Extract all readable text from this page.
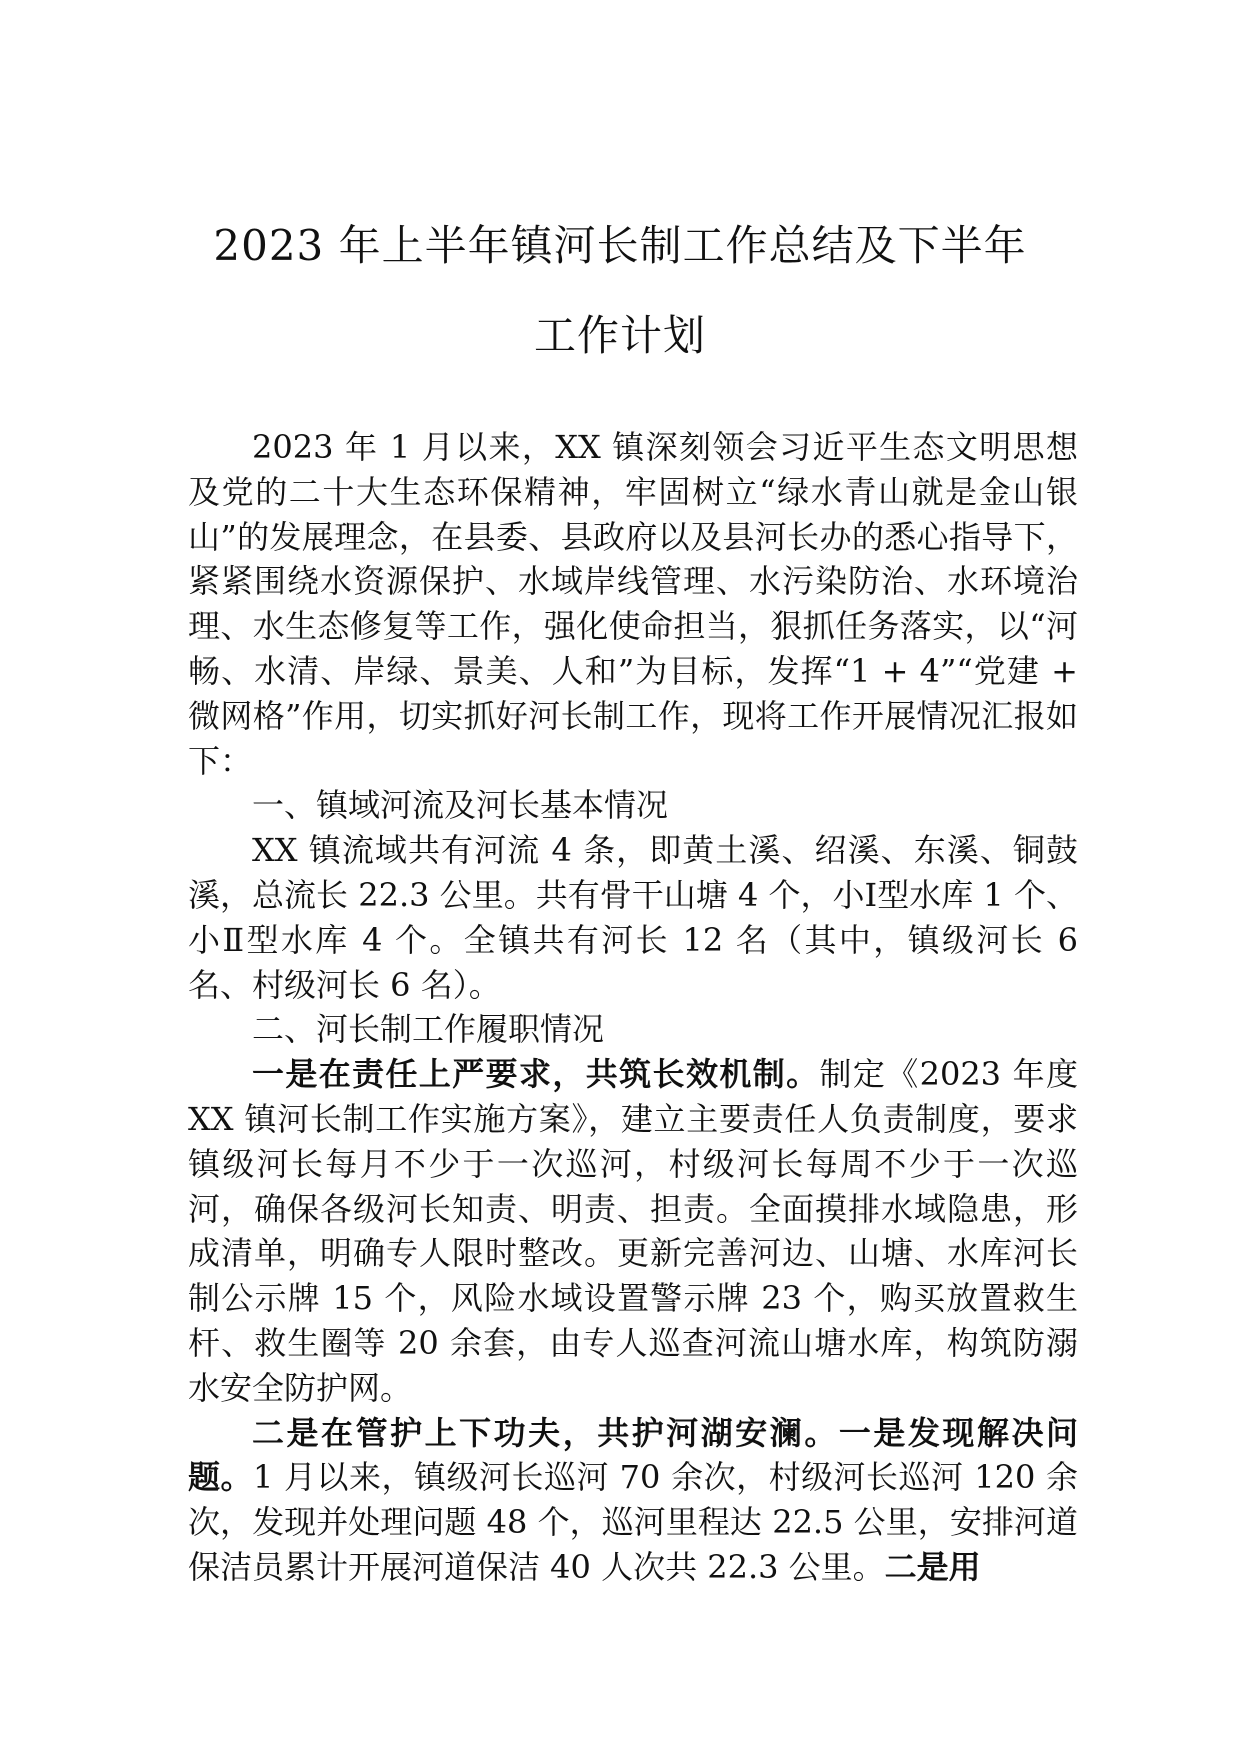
2023 年上半年镇河长制工作总结及下半年
工作计划

2023 年 1 月以来，XX 镇深刻领会习近平生态文明思想及党的二十大生态环保精神，牢固树立“绿水青山就是金山银山”的发展理念，在县委、县政府以及县河长办的悉心指导下，紧紧围绕水资源保护、水域岸线管理、水污染防治、水环境治理、水生态修复等工作，强化使命担当，狠抓任务落实，以“河畅、水清、岸绿、景美、人和”为目标，发挥“1 + 4”“党建 + 微网格”作用，切实抓好河长制工作，现将工作开展情况汇报如下：

一、镇域河流及河长基本情况

XX 镇流域共有河流 4 条，即黄土溪、绍溪、东溪、铜鼓溪，总流长 22.3 公里。共有骨干山塘 4 个，小Ⅰ型水库 1 个、小Ⅱ型水库 4 个。全镇共有河长 12 名（其中，镇级河长 6 名、村级河长 6 名）。

二、河长制工作履职情况

一是在责任上严要求，共筑长效机制。制定《2023 年度 XX 镇河长制工作实施方案》，建立主要责任人负责制度，要求镇级河长每月不少于一次巡河，村级河长每周不少于一次巡河，确保各级河长知责、明责、担责。全面摸排水域隐患，形成清单，明确专人限时整改。更新完善河边、山塘、水库河长制公示牌 15 个，风险水域设置警示牌 23 个，购买放置救生杆、救生圈等 20 余套，由专人巡查河流山塘水库，构筑防溺水安全防护网。

二是在管护上下功夫，共护河湖安澜。一是发现解决问题。1 月以来，镇级河长巡河 70 余次，村级河长巡河 120 余次，发现并处理问题 48 个，巡河里程达 22.5 公里，安排河道保洁员累计开展河道保洁 40 人次共 22.3 公里。二是用
